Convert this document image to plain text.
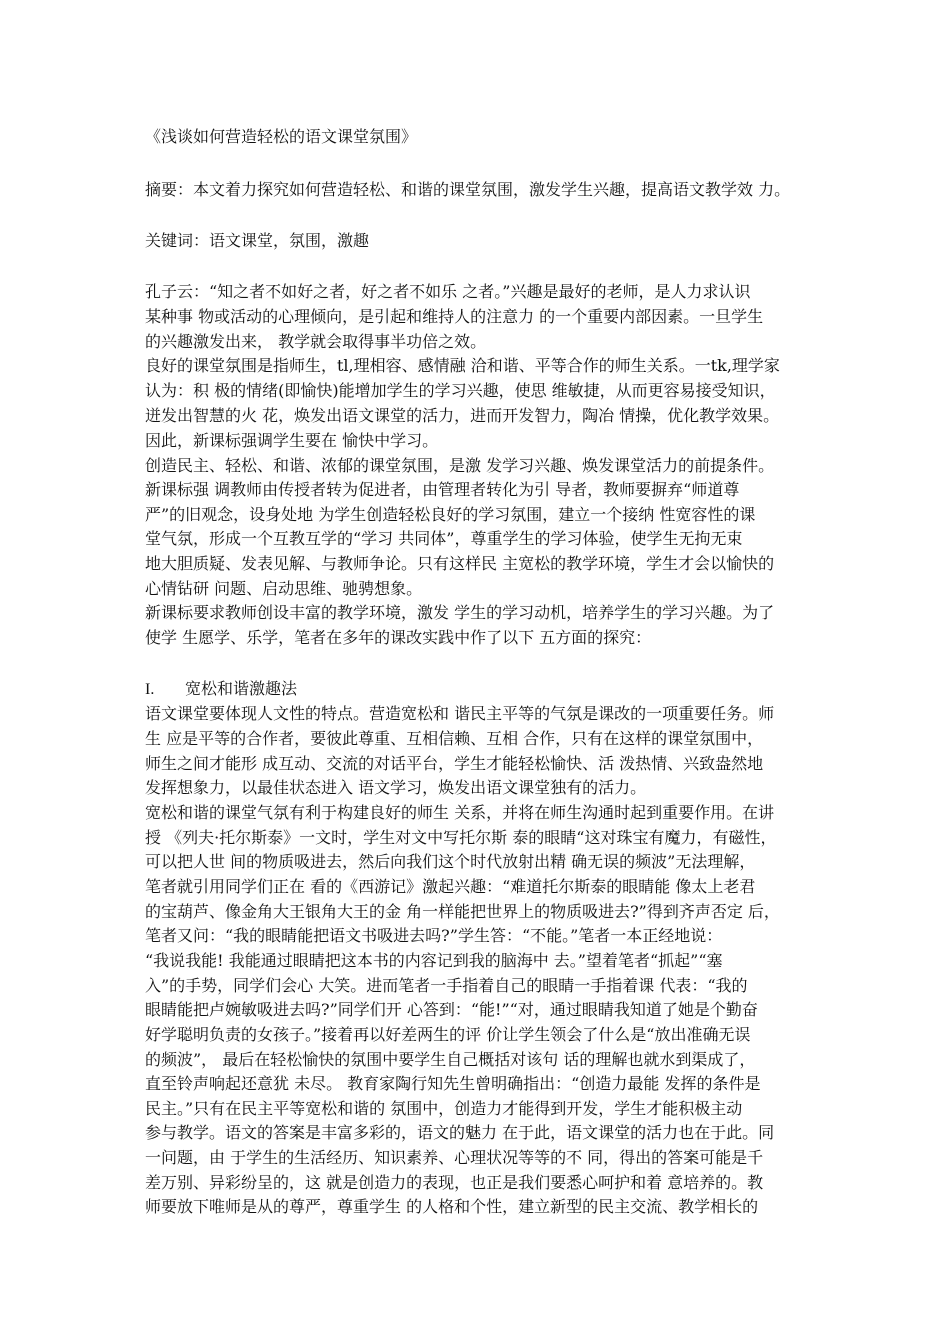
《浅谈如何营造轻松的语文课堂氛围》
摘要：本文着力探究如何营造轻松、和谐的课堂氛围，激发学生兴趣，提高语文教学效 力。
关键词：语文课堂，氛围，激趣
孔子云：“知之者不如好之者，好之者不如乐 之者。”兴趣是最好的老师，是人力求认识
某种事 物或活动的心理倾向，是引起和维持人的注意力 的一个重要内部因素。一旦学生
的兴趣激发出来， 教学就会取得事半功倍之效。
良好的课堂氛围是指师生，tl,理相容、感情融 洽和谐、平等合作的师生关系。一tk,理学家
认为：积 极的情绪(即愉快)能增加学生的学习兴趣，使思 维敏捷，从而更容易接受知识，
迸发出智慧的火 花，焕发出语文课堂的活力，进而开发智力，陶冶 情操，优化教学效果。
因此，新课标强调学生要在 愉快中学习。
创造民主、轻松、和谐、浓郁的课堂氛围，是激 发学习兴趣、焕发课堂活力的前提条件。
新课标强 调教师由传授者转为促进者，由管理者转化为引 导者，教师要摒弃“师道尊
严”的旧观念，设身处地 为学生创造轻松良好的学习氛围，建立一个接纳 性宽容性的课
堂气氛，形成一个互教互学的“学习 共同体”，尊重学生的学习体验，使学生无拘无束
地大胆质疑、发表见解、与教师争论。只有这样民 主宽松的教学环境，学生才会以愉快的
心情钻研 问题、启动思维、驰骋想象。
新课标要求教师创设丰富的教学环境，激发 学生的学习动机，培养学生的学习兴趣。为了
使学 生愿学、乐学，笔者在多年的课改实践中作了以下 五方面的探究：
I. 宽松和谐激趣法
语文课堂要体现人文性的特点。营造宽松和 谐民主平等的气氛是课改的一项重要任务。师
生 应是平等的合作者，要彼此尊重、互相信赖、互相 合作，只有在这样的课堂氛围中，
师生之间才能形 成互动、交流的对话平台，学生才能轻松愉快、活 泼热情、兴致盎然地
发挥想象力，以最佳状态进入 语文学习，焕发出语文课堂独有的活力。
宽松和谐的课堂气氛有利于构建良好的师生 关系，并将在师生沟通时起到重要作用。在讲
授 《列夫·托尔斯泰》一文时，学生对文中写托尔斯 泰的眼睛“这对珠宝有魔力，有磁性，
可以把人世 间的物质吸进去，然后向我们这个时代放射出精 确无误的频波”无法理解，
笔者就引用同学们正在 看的《西游记》激起兴趣：“难道托尔斯泰的眼睛能 像太上老君
的宝葫芦、像金角大王银角大王的金 角一样能把世界上的物质吸进去?”得到齐声否定 后，
笔者又问：“我的眼睛能把语文书吸进去吗?”学生答：“不能。”笔者一本正经地说：
“我说我能! 我能通过眼睛把这本书的内容记到我的脑海中 去。”望着笔者“抓起”“塞
入”的手势，同学们会心 大笑。进而笔者一手指着自己的眼睛一手指着课 代表：“我的
眼睛能把卢婉敏吸进去吗?”同学们开 心答到：“能!”“对，通过眼睛我知道了她是个勤奋
好学聪明负责的女孩子。”接着再以好差两生的评 价让学生领会了什么是“放出准确无误
的频波”， 最后在轻松愉快的氛围中要学生自己概括对该句 话的理解也就水到渠成了，
直至铃声响起还意犹 未尽。 教育家陶行知先生曾明确指出：“创造力最能 发挥的条件是
民主。”只有在民主平等宽松和谐的 氛围中，创造力才能得到开发，学生才能积极主动
参与教学。语文的答案是丰富多彩的，语文的魅力 在于此，语文课堂的活力也在于此。同
一问题，由 于学生的生活经历、知识素养、心理状况等等的不 同，得出的答案可能是千
差万别、异彩纷呈的，这 就是创造力的表现，也正是我们要悉心呵护和着 意培养的。教
师要放下唯师是从的尊严，尊重学生 的人格和个性，建立新型的民主交流、教学相长的
